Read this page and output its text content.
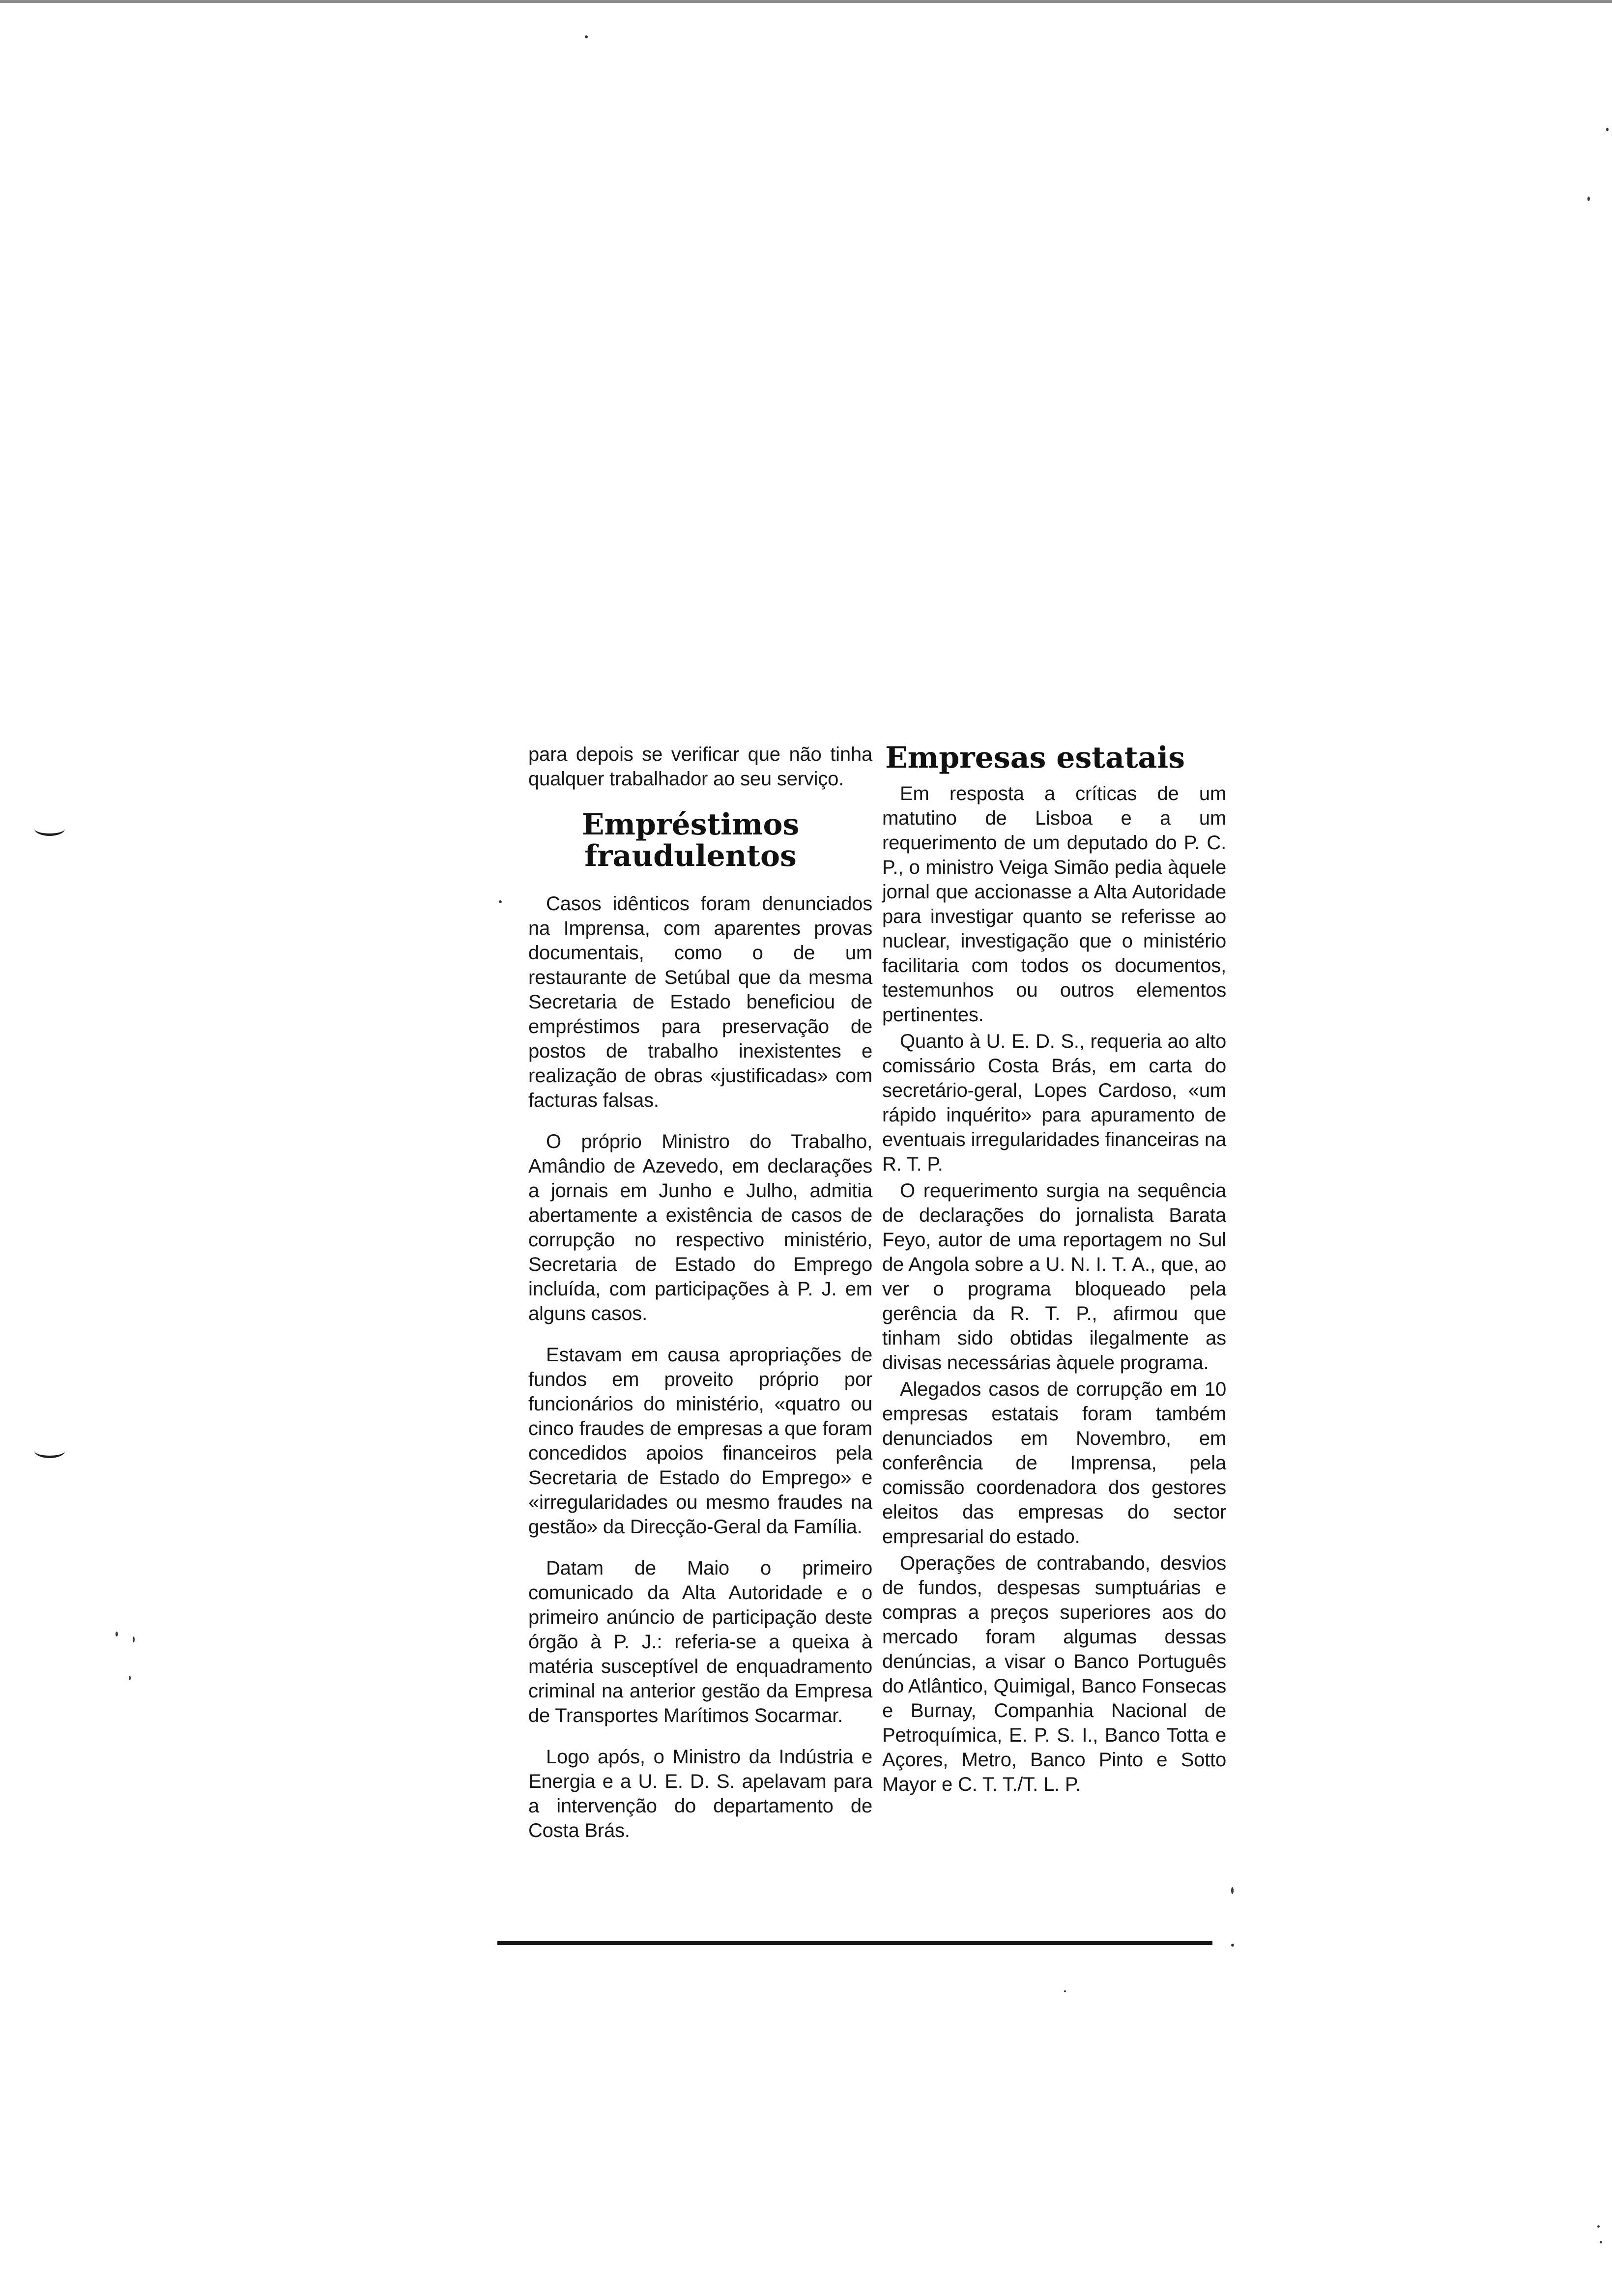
para depois se verificar que não tinha qualquer trabalhador ao seu serviço.

Empréstimos fraudulentos

Casos idênticos foram denunciados na Imprensa, com aparentes provas documentais, como o de um restaurante de Setúbal que da mesma Secretaria de Estado beneficiou de empréstimos para preservação de postos de trabalho inexistentes e realização de obras «justificadas» com facturas falsas.

O próprio Ministro do Trabalho, Amândio de Azevedo, em declarações a jornais em Junho e Julho, admitia abertamente a existência de casos de corrupção no respectivo ministério, Secretaria de Estado do Emprego incluída, com participações à P. J. em alguns casos.

Estavam em causa apropriações de fundos em proveito próprio por funcionários do ministério, «quatro ou cinco fraudes de empresas a que foram concedidos apoios financeiros pela Secretaria de Estado do Emprego» e «irregularidades ou mesmo fraudes na gestão» da Direcção-Geral da Família.

Datam de Maio o primeiro comunicado da Alta Autoridade e o primeiro anúncio de participação deste órgão à P. J.: referia-se a queixa à matéria susceptível de enquadramento criminal na anterior gestão da Empresa de Transportes Marítimos Socarmar.

Logo após, o Ministro da Indústria e Energia e a U. E. D. S. apelavam para a intervenção do departamento de Costa Brás.

Empresas estatais

Em resposta a críticas de um matutino de Lisboa e a um requerimento de um deputado do P. C. P., o ministro Veiga Simão pedia àquele jornal que accionasse a Alta Autoridade para investigar quanto se referisse ao nuclear, investigação que o ministério facilitaria com todos os documentos, testemunhos ou outros elementos pertinentes.

Quanto à U. E. D. S., requeria ao alto comissário Costa Brás, em carta do secretário-geral, Lopes Cardoso, «um rápido inquérito» para apuramento de eventuais irregularidades financeiras na R. T. P.

O requerimento surgia na sequência de declarações do jornalista Barata Feyo, autor de uma reportagem no Sul de Angola sobre a U. N. I. T. A., que, ao ver o programa bloqueado pela gerência da R. T. P., afirmou que tinham sido obtidas ilegalmente as divisas necessárias àquele programa.

Alegados casos de corrupção em 10 empresas estatais foram também denunciados em Novembro, em conferência de Imprensa, pela comissão coordenadora dos gestores eleitos das empresas do sector empresarial do estado.

Operações de contrabando, desvios de fundos, despesas sumptuárias e compras a preços superiores aos do mercado foram algumas dessas denúncias, a visar o Banco Português do Atlântico, Quimigal, Banco Fonsecas e Burnay, Companhia Nacional de Petroquímica, E. P. S. I., Banco Totta e Açores, Metro, Banco Pinto e Sotto Mayor e C. T. T./T. L. P.
